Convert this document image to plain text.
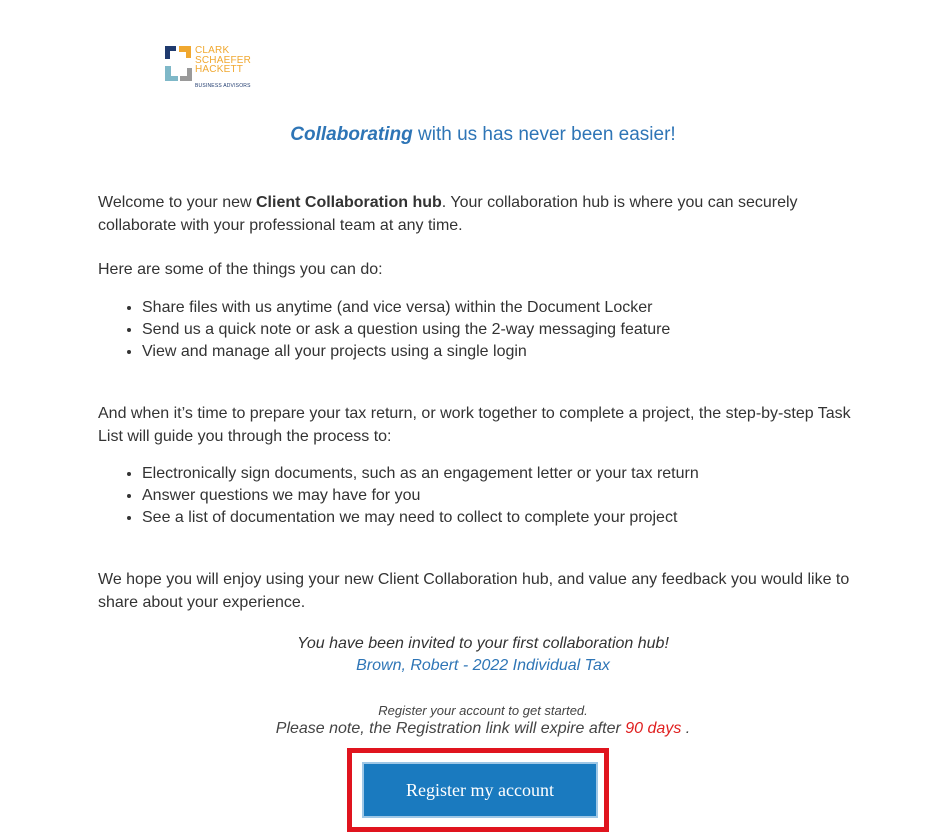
CLARK
SCHAEFER
HACKETT
BUSINESS ADVISORS
Collaborating with us has never been easier!
Welcome to your new Client Collaboration hub. Your collaboration hub is where you can securely collaborate with your professional team at any time.
Here are some of the things you can do:
• Share files with us anytime (and vice versa) within the Document Locker
• Send us a quick note or ask a question using the 2-way messaging feature
• View and manage all your projects using a single login
And when it’s time to prepare your tax return, or work together to complete a project, the step-by-step Task List will guide you through the process to:
• Electronically sign documents, such as an engagement letter or your tax return
• Answer questions we may have for you
• See a list of documentation we may need to collect to complete your project
We hope you will enjoy using your new Client Collaboration hub, and value any feedback you would like to share about your experience.
You have been invited to your first collaboration hub!
Brown, Robert - 2022 Individual Tax
Register your account to get started.
Please note, the Registration link will expire after 90 days .
Register my account
